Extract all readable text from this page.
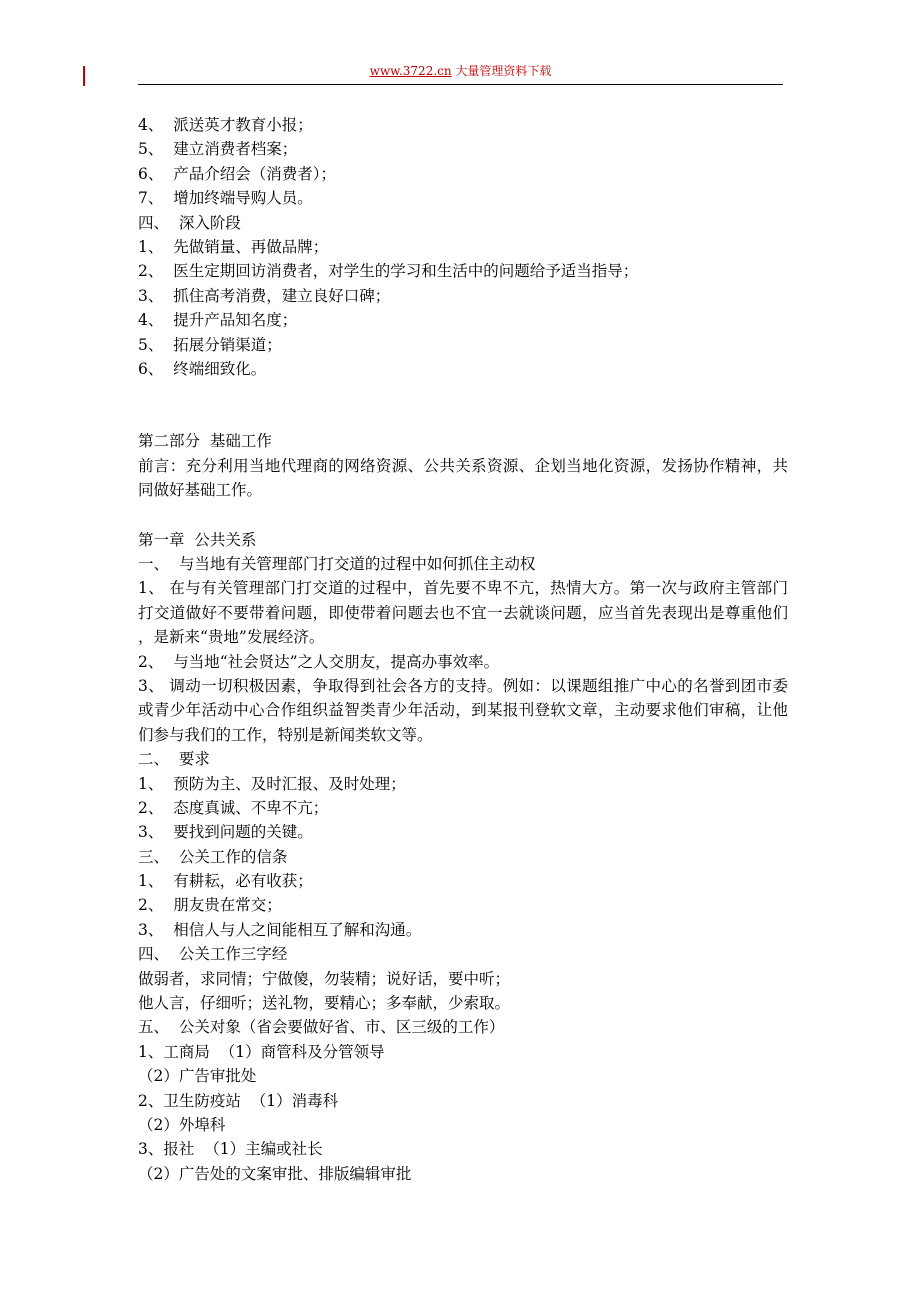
www.3722.cn 大量管理资料下载
4、  派送英才教育小报；
5、  建立消费者档案；
6、  产品介绍会（消费者）；
7、  增加终端导购人员。
四、  深入阶段
1、  先做销量、再做品牌；
2、  医生定期回访消费者，对学生的学习和生活中的问题给予适当指导；
3、  抓住高考消费，建立良好口碑；
4、  提升产品知名度；
5、  拓展分销渠道；
6、  终端细致化。
第二部分  基础工作
前言：充分利用当地代理商的网络资源、公共关系资源、企划当地化资源，发扬协作精神，共同做好基础工作。
第一章  公共关系
一、  与当地有关管理部门打交道的过程中如何抓住主动权
1、 在与有关管理部门打交道的过程中，首先要不卑不亢，热情大方。第一次与政府主管部门打交道做好不要带着问题，即使带着问题去也不宜一去就谈问题，应当首先表现出是尊重他们 ，是新来“贵地”发展经济。
2、  与当地“社会贤达”之人交朋友，提高办事效率。
3、 调动一切积极因素，争取得到社会各方的支持。例如：以课题组推广中心的名誉到团市委或青少年活动中心合作组织益智类青少年活动，到某报刊登软文章，主动要求他们审稿，让他们参与我们的工作，特别是新闻类软文等。
二、  要求
1、  预防为主、及时汇报、及时处理；
2、  态度真诚、不卑不亢；
3、  要找到问题的关键。
三、  公关工作的信条
1、  有耕耘，必有收获；
2、  朋友贵在常交；
3、  相信人与人之间能相互了解和沟通。
四、  公关工作三字经
做弱者，求同情；宁做傻，勿装精；说好话，要中听；
他人言，仔细听；送礼物，要精心；多奉献，少索取。
五、  公关对象（省会要做好省、市、区三级的工作）
1、工商局  （1）商管科及分管领导
（2）广告审批处
2、卫生防疫站  （1）消毒科
（2）外埠科
3、报社  （1）主编或社长
（2）广告处的文案审批、排版编辑审批
